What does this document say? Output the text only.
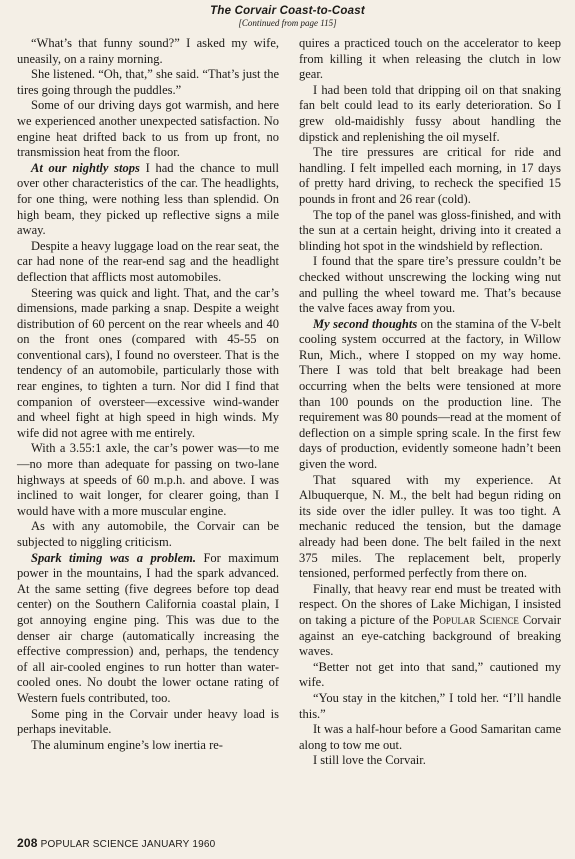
The Corvair Coast-to-Coast
[Continued from page 115]

“What’s that funny sound?” I asked my wife, uneasily, on a rainy morning.

She listened. “Oh, that,” she said. “That’s just the tires going through the puddles.”

Some of our driving days got warmish, and here we experienced another unexpected satisfaction. No engine heat drifted back to us from up front, no transmission heat from the floor.

At our nightly stops I had the chance to mull over other characteristics of the car. The headlights, for one thing, were nothing less than splendid. On high beam, they picked up reflective signs a mile away.

Despite a heavy luggage load on the rear seat, the car had none of the rear-end sag and the headlight deflection that afflicts most automobiles.

Steering was quick and light. That, and the car’s dimensions, made parking a snap. Despite a weight distribution of 60 percent on the rear wheels and 40 on the front ones (compared with 45-55 on conventional cars), I found no oversteer. That is the tendency of an automobile, particularly those with rear engines, to tighten a turn. Nor did I find that companion of oversteer—excessive wind-wander and wheel fight at high speed in high winds. My wife did not agree with me entirely.

With a 3.55:1 axle, the car’s power was—to me—no more than adequate for passing on two-lane highways at speeds of 60 m.p.h. and above. I was inclined to wait longer, for clearer going, than I would have with a more muscular engine.

As with any automobile, the Corvair can be subjected to niggling criticism.

Spark timing was a problem. For maximum power in the mountains, I had the spark advanced. At the same setting (five degrees before top dead center) on the Southern California coastal plain, I got annoying engine ping. This was due to the denser air charge (automatically increasing the effective compression) and, perhaps, the tendency of all air-cooled engines to run hotter than water-cooled ones. No doubt the lower octane rating of Western fuels contributed, too.

Some ping in the Corvair under heavy load is perhaps inevitable.

The aluminum engine’s low inertia re-

quires a practiced touch on the accelerator to keep from killing it when releasing the clutch in low gear.

I had been told that dripping oil on that snaking fan belt could lead to its early deterioration. So I grew old-maidishly fussy about handling the dipstick and replenishing the oil myself.

The tire pressures are critical for ride and handling. I felt impelled each morning, in 17 days of pretty hard driving, to recheck the specified 15 pounds in front and 26 rear (cold).

The top of the panel was gloss-finished, and with the sun at a certain height, driving into it created a blinding hot spot in the windshield by reflection.

I found that the spare tire’s pressure couldn’t be checked without unscrewing the locking wing nut and pulling the wheel toward me. That’s because the valve faces away from you.

My second thoughts on the stamina of the V-belt cooling system occurred at the factory, in Willow Run, Mich., where I stopped on my way home. There I was told that belt breakage had been occurring when the belts were tensioned at more than 100 pounds on the production line. The requirement was 80 pounds—read at the moment of deflection on a simple spring scale. In the first few days of production, evidently someone hadn’t been given the word.

That squared with my experience. At Albuquerque, N. M., the belt had begun riding on its side over the idler pulley. It was too tight. A mechanic reduced the tension, but the damage already had been done. The belt failed in the next 375 miles. The replacement belt, properly tensioned, performed perfectly from there on.

Finally, that heavy rear end must be treated with respect. On the shores of Lake Michigan, I insisted on taking a picture of the Popular Science Corvair against an eye-catching background of breaking waves.

“Better not get into that sand,” cautioned my wife.

“You stay in the kitchen,” I told her. “I’ll handle this.”

It was a half-hour before a Good Samaritan came along to tow me out.

I still love the Corvair.

208 POPULAR SCIENCE JANUARY 1960
